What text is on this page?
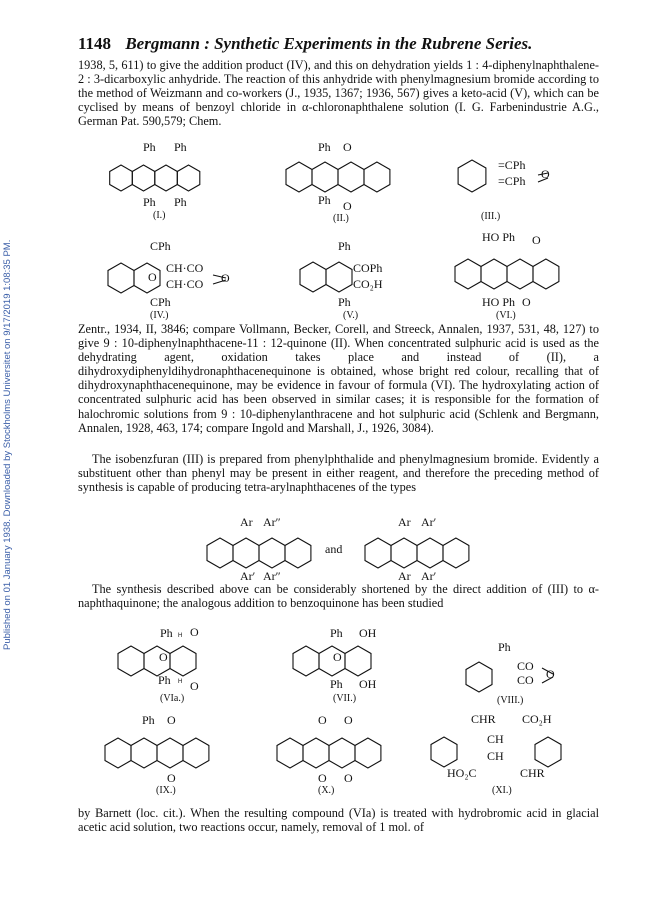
Published on 01 January 1938. Downloaded by Stockholms Universitet on 9/17/2019 1:08:35 PM.
1148 Bergmann : Synthetic Experiments in the Rubrene Series.

1938, 5, 611) to give the addition product (IV), and this on dehydration yields 1 : 4-diphenylnaphthalene-2 : 3-dicarboxylic anhydride. The reaction of this anhydride with phenylmagnesium bromide according to the method of Weizmann and co-workers (J., 1935, 1367; 1936, 567) gives a keto-acid (V), which can be cyclised by means of benzoyl chloride in α-chloronaphthalene solution (I. G. Farbenindustrie A.G., German Pat. 590,579; Chem.

Zentr., 1934, II, 3846; compare Vollmann, Becker, Corell, and Streeck, Annalen, 1937, 531, 48, 127) to give 9 : 10-diphenylnaphthacene-11 : 12-quinone (II). When concentrated sulphuric acid is used as the dehydrating agent, oxidation takes place and instead of (II), a dihydroxydiphenyldihydronaphthacenequinone is obtained, whose bright red colour, recalling that of dihydroxynaphthacenequinone, may be evidence in favour of formula (VI). The hydroxylating action of concentrated sulphuric acid has been observed in similar cases; it is responsible for the formation of halochromic solutions from 9 : 10-diphenylanthracene and hot sulphuric acid (Schlenk and Bergmann, Annalen, 1928, 463, 174; compare Ingold and Marshall, J., 1926, 3084).

The isobenzfuran (III) is prepared from phenylphthalide and phenylmagnesium bromide. Evidently a substituent other than phenyl may be present in either reagent, and therefore the preceding method of synthesis is capable of producing tetra-arylnaphthacenes of the types

The synthesis described above can be considerably shortened by the direct addition of (III) to α-naphthaquinone; the analogous addition to benzoquinone has been studied

by Barnett (loc. cit.). When the resulting compound (VIa) is treated with hydrobromic acid in glacial acetic acid solution, two reactions occur, namely, removal of 1 mol. of

Ph Ph
Ph Ph
(I.)
Ph O
Ph O
(II.)
=CPh
=CPh O
(III.)
CPh
CH·CO
CH·CO O
O
CPh
(IV.)
Ph
COPh
CO₂H
Ph
(V.)
HO Ph O
HO Ph O
(VI.)
Ar Ar″
Ar′ Ar″
and
Ar Ar′
Ar Ar′
Ph H O
O
Ph H O
(VIa.)
Ph OH
O
Ph OH
(VII.)
Ph
CO
CO O
(VIII.)
Ph O
O
(IX.)
O O
O O
(X.)
CHR CO₂H
CH
CH
HO₂C	CHR
(XI.)
